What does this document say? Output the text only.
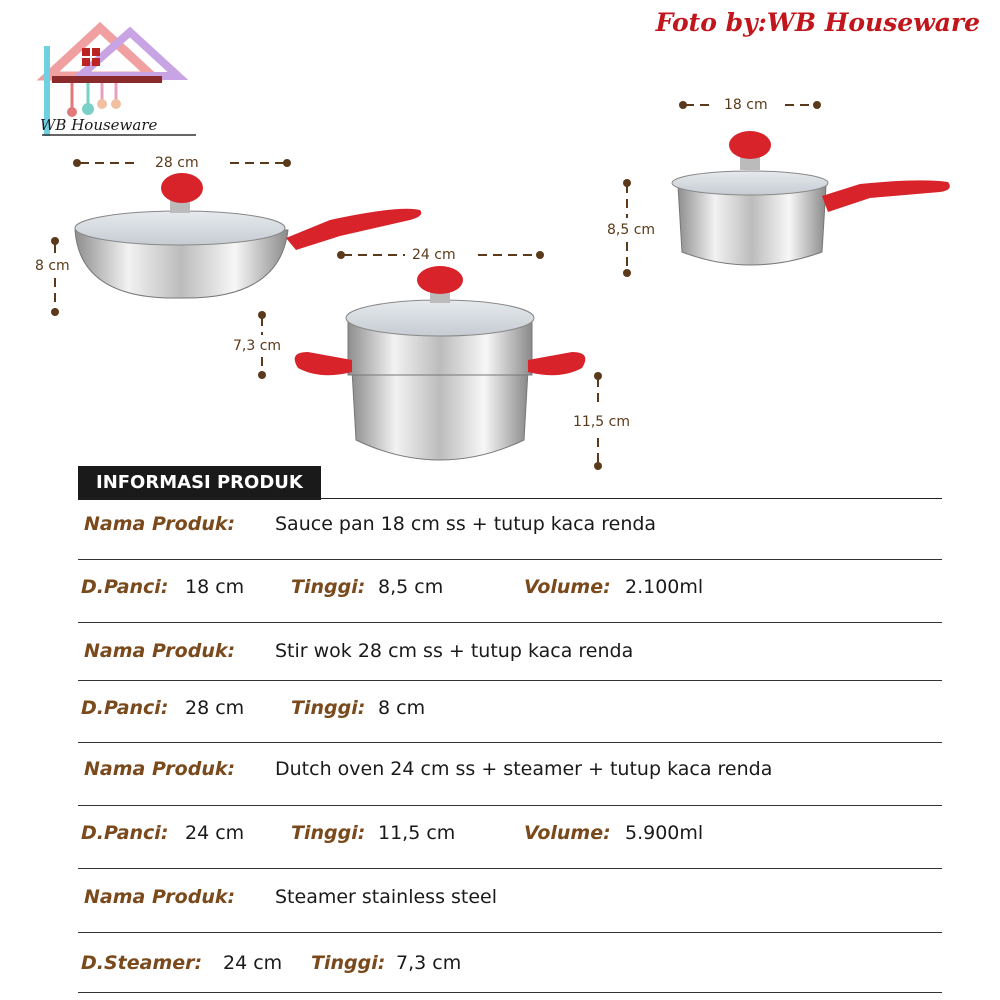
Foto by:WB Houseware
WB Houseware
28 cm
8 cm
18 cm
8,5 cm
24 cm
7,3 cm
11,5 cm
INFORMASI PRODUK
Nama Produk: Sauce pan 18 cm ss + tutup kaca renda
D.Panci: 18 cm Tinggi: 8,5 cm	Volume: 2.100ml
Nama Produk: Stir wok 28 cm ss + tutup kaca renda
D.Panci: 28 cm Tinggi: 8 cm
Nama Produk: Dutch oven 24 cm ss + steamer + tutup kaca renda
D.Panci: 24 cm Tinggi: 11,5 cm	Volume: 5.900ml
Nama Produk: Steamer stainless steel
D.Steamer: 24 cm Tinggi: 7,3 cm
